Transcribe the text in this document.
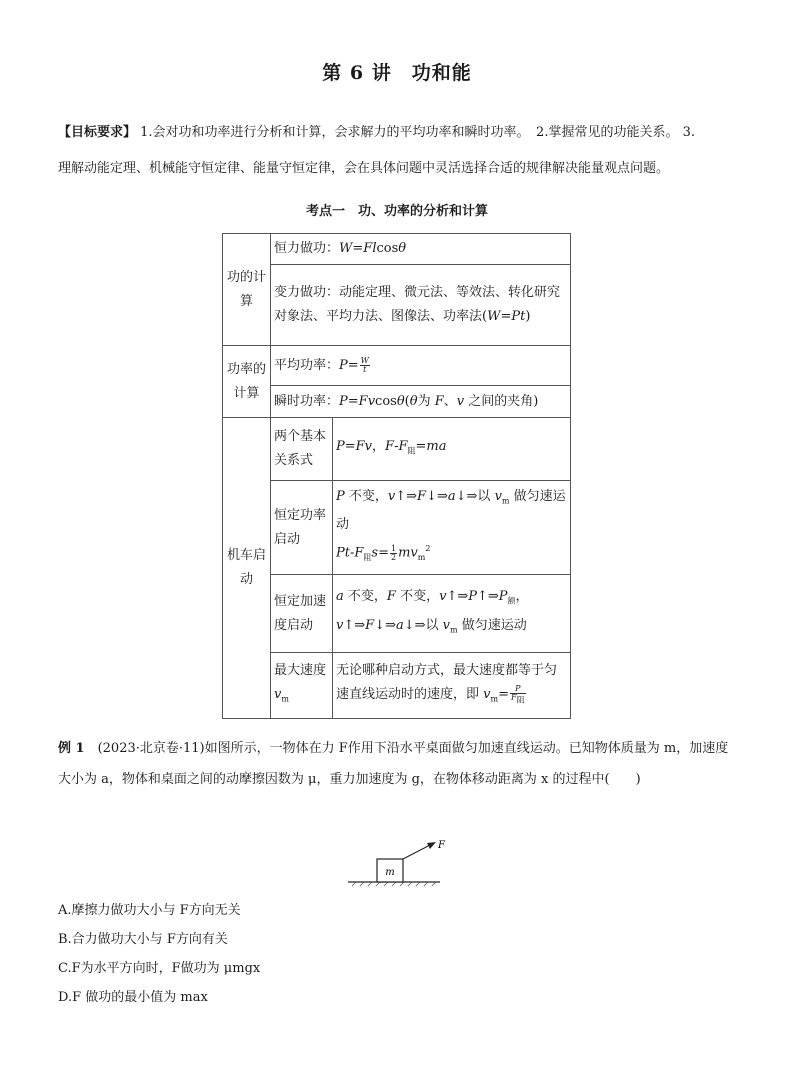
第 6 讲　功和能
【目标要求】 1.会对功和功率进行分析和计算，会求解力的平均功率和瞬时功率。　2.掌握常见的功能关系。 3.
理解动能定理、机械能守恒定律、能量守恒定律，会在具体问题中灵活选择合适的规律解决能量观点问题。
考点一　功、功率的分析和计算
功的计算	恒力做功：W=Flcosθ	
	变力做功：动能定理、微元法、等效法、转化研究对象法、平均力法、图像法、功率法(W=Pt)	
功率的计算	平均功率：$P= \frac{W}{t}$

	瞬时功率：P=Fvcosθ(θ为 F、v 之间的夹角)	
机车启动	两个基本关系式	P=Fv，$F-F_阻=ma$
	恒定功率启动	P 不变，v↑⇒F↓⇒a↓⇒以 $v_m$ 做匀速运动
$Pt-F_阻s= \frac{1}{2} mv_m^2$
	恒定加速度启动	a 不变，F 不变，$v↑\Rightarrow P↑\Rightarrow P_额$，v↑⇒F↓⇒a↓⇒以 $v_m$ 做匀速运动
	最大速度$v_m$	无论哪种启动方式，最大速度都等于匀速直线运动时的速度，即 $v_m= \frac{P}{F_阻}$
例 1　 (2023·北京卷·11)如图所示，一物体在力 F作用下沿水平桌面做匀加速直线运动。已知物体质量为 m，加速度大小为 a，物体和桌面之间的动摩擦因数为 μ，重力加速度为 g，在物体移动距离为 x 的过程中(　　)
m
F
A.摩擦力做功大小与 F方向无关
B.合力做功大小与 F方向有关
C.F为水平方向时，F做功为 μmgx
D.F 做功的最小值为 max
